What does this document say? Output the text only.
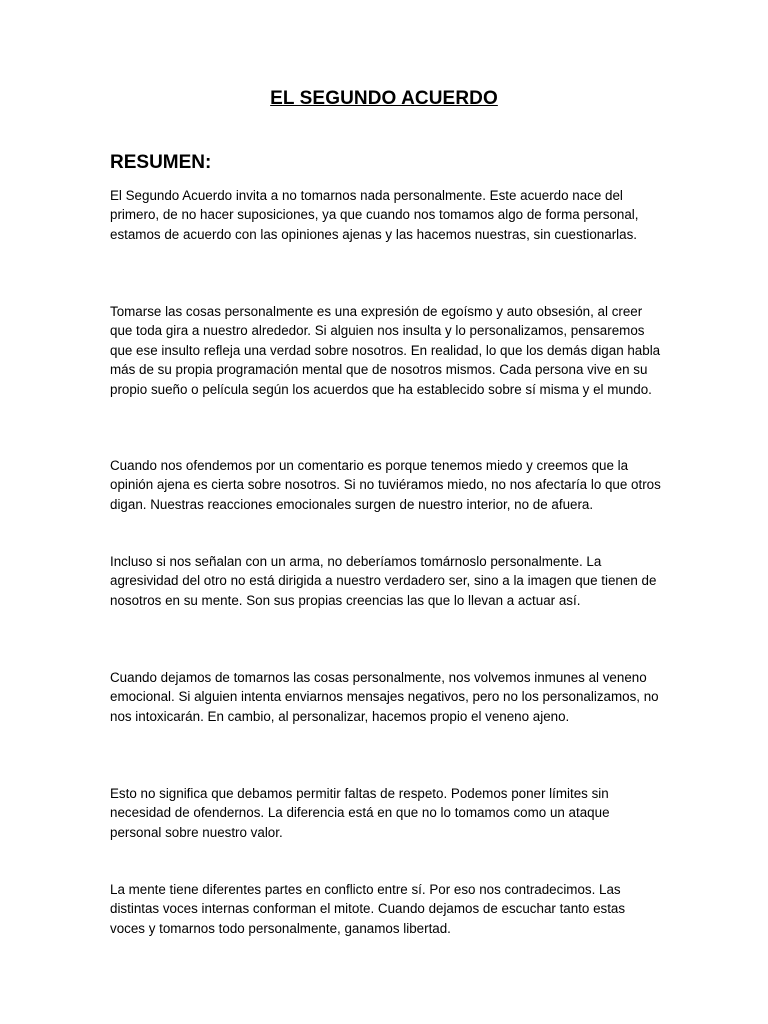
EL SEGUNDO ACUERDO
RESUMEN:

El Segundo Acuerdo invita a no tomarnos nada personalmente. Este acuerdo nace del primero, de no hacer suposiciones, ya que cuando nos tomamos algo de forma personal, estamos de acuerdo con las opiniones ajenas y las hacemos nuestras, sin cuestionarlas.

Tomarse las cosas personalmente es una expresión de egoísmo y auto obsesión, al creer que toda gira a nuestro alrededor. Si alguien nos insulta y lo personalizamos, pensaremos que ese insulto refleja una verdad sobre nosotros. En realidad, lo que los demás digan habla más de su propia programación mental que de nosotros mismos. Cada persona vive en su propio sueño o película según los acuerdos que ha establecido sobre sí misma y el mundo.

Cuando nos ofendemos por un comentario es porque tenemos miedo y creemos que la opinión ajena es cierta sobre nosotros. Si no tuviéramos miedo, no nos afectaría lo que otros digan. Nuestras reacciones emocionales surgen de nuestro interior, no de afuera.

Incluso si nos señalan con un arma, no deberíamos tomárnoslo personalmente. La agresividad del otro no está dirigida a nuestro verdadero ser, sino a la imagen que tienen de nosotros en su mente. Son sus propias creencias las que lo llevan a actuar así.

Cuando dejamos de tomarnos las cosas personalmente, nos volvemos inmunes al veneno emocional. Si alguien intenta enviarnos mensajes negativos, pero no los personalizamos, no nos intoxicarán. En cambio, al personalizar, hacemos propio el veneno ajeno.

Esto no significa que debamos permitir faltas de respeto. Podemos poner límites sin necesidad de ofendernos. La diferencia está en que no lo tomamos como un ataque personal sobre nuestro valor.

La mente tiene diferentes partes en conflicto entre sí. Por eso nos contradecimos. Las distintas voces internas conforman el mitote. Cuando dejamos de escuchar tanto estas voces y tomarnos todo personalmente, ganamos libertad.
